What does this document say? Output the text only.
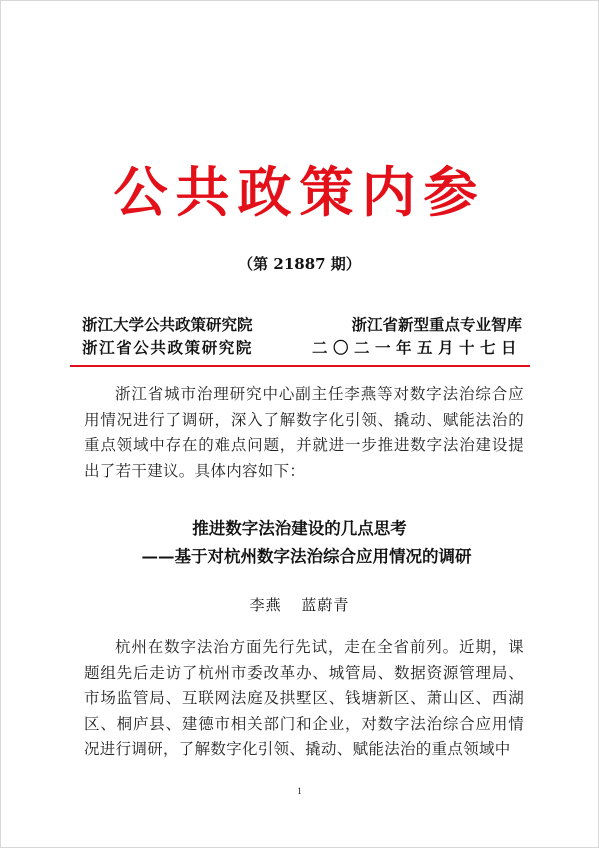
公共政策内参
（第 21887 期）
浙江大学公共政策研究院	浙江省新型重点专业智库
浙江省公共政策研究院	二〇二一年五月十七日

浙江省城市治理研究中心副主任李燕等对数字法治综合应用情况进行了调研，深入了解数字化引领、撬动、赋能法治的重点领域中存在的难点问题，并就进一步推进数字法治建设提出了若干建议。具体内容如下：

推进数字法治建设的几点思考
——基于对杭州数字法治综合应用情况的调研
李燕 蓝蔚青

杭州在数字法治方面先行先试，走在全省前列。近期，课题组先后走访了杭州市委改革办、城管局、数据资源管理局、市场监管局、互联网法庭及拱墅区、钱塘新区、萧山区、西湖区、桐庐县、建德市相关部门和企业，对数字法治综合应用情况进行调研，了解数字化引领、撬动、赋能法治的重点领域中

1
